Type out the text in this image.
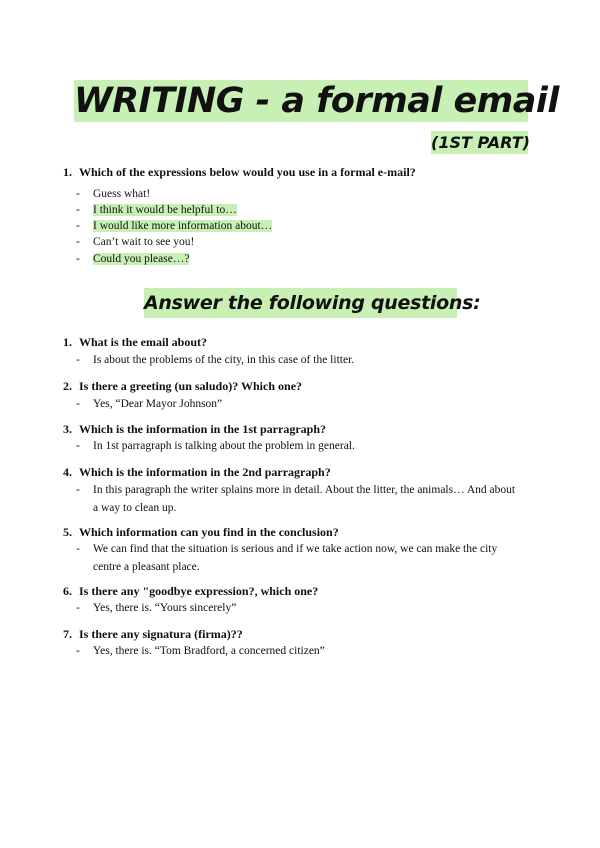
WRITING - a formal email
(1ST PART)
1. Which of the expressions below would you use in a formal e-mail?
- Guess what!
- I think it would be helpful to…
- I would like more information about…
- Can’t wait to see you!
- Could you please…?
Answer the following questions:
1. What is the email about?
-	Is about the problems of the city, in this case of the litter.
2. Is there a greeting (un saludo)? Which one?
-	Yes, “Dear Mayor Johnson”
3. Which is the information in the 1st parragraph?
-	In 1st parragraph is talking about the problem in general.
4. Which is the information in the 2nd parragraph?
-	In this paragraph the writer splains more in detail. About the litter, the animals… And about a way to clean up.
5. Which information can you find in the conclusion?
-	We can find that the situation is serious and if we take action now, we can make the city centre a pleasant place.
6. Is there any "goodbye expression?, which one?
-	Yes, there is. “Yours sincerely”
7. Is there any signatura (firma)??
-	Yes, there is. “Tom Bradford, a concerned citizen”
